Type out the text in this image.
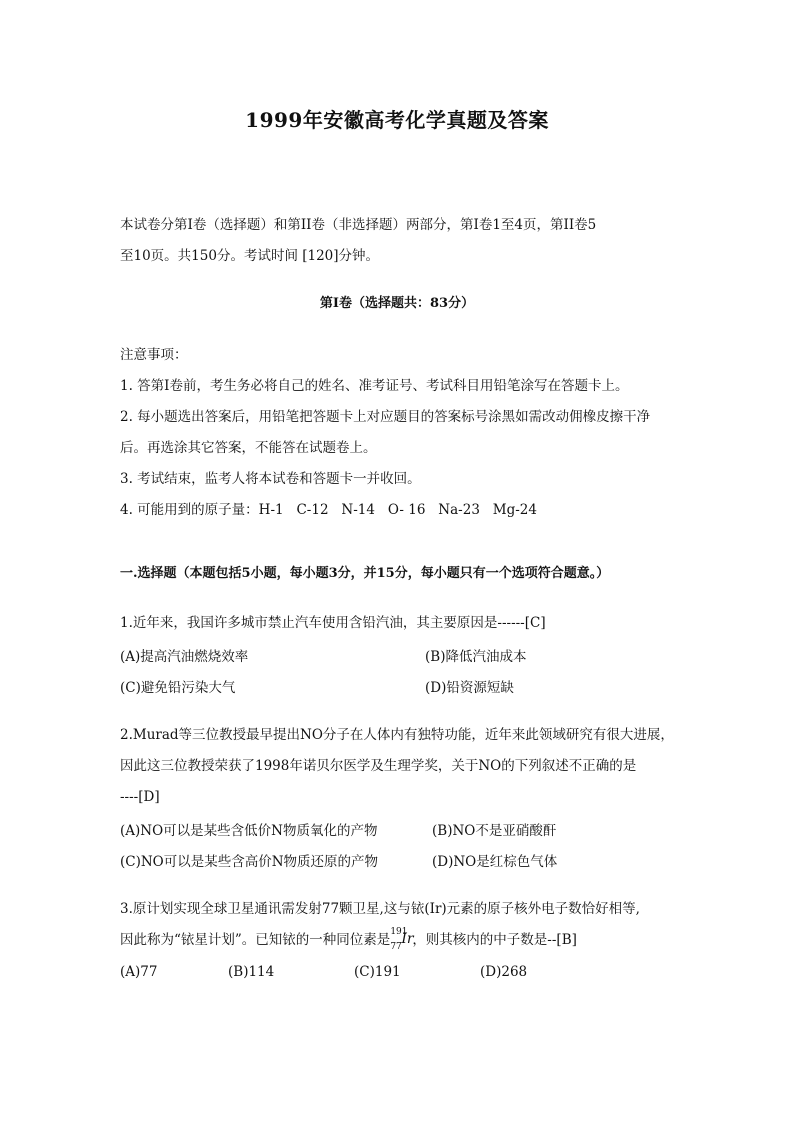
1999年安徽高考化学真题及答案
本试卷分第I卷（选择题）和第II卷（非选择题）两部分，第I卷1至4页，第II卷5
至10页。共150分。考试时间 [120]分钟。
第I卷（选择题共：83分）

注意事项：

1. 答第I卷前，考生务必将自己的姓名、准考证号、考试科目用铅笔涂写在答题卡上。

2. 每小题选出答案后，用铅笔把答题卡上对应题目的答案标号涂黑如需改动佣橡皮擦干净

后。再选涂其它答案，不能答在试题卷上。

3. 考试结束，监考人将本试卷和答题卡一并收回。

4. 可能用到的原子量：H-1   C-12   N-14   O- 16   Na-23   Mg-24

一.选择题（本题包括5小题，每小题3分，并15分，每小题只有一个选项符合题意。）
1.近年来，我国许多城市禁止汽车使用含铅汽油，其主要原因是------[C]
(A)提高汽油燃烧效率	(B)降低汽油成本
(C)避免铅污染大气	(D)铅资源短缺
2.Murad等三位教授最早提出NO分子在人体内有独特功能，近年来此领域研究有很大进展，
因此这三位教授荣获了1998年诺贝尔医学及生理学奖，关于NO的下列叙述不正确的是
----[D]
(A)NO可以是某些含低价N物质氧化的产物	(B)NO不是亚硝酸酐
(C)NO可以是某些含高价N物质还原的产物	(D)NO是红棕色气体
3.原计划实现全球卫星通讯需发射77颗卫星,这与铱(Ir)元素的原子核外电子数恰好相等,
因此称为“铱星计划”。已知铱的一种同位素是 191
77 Ir
，则其核内的中子数是--[B]
(A)77	(B)114	(C)191	(D)268
